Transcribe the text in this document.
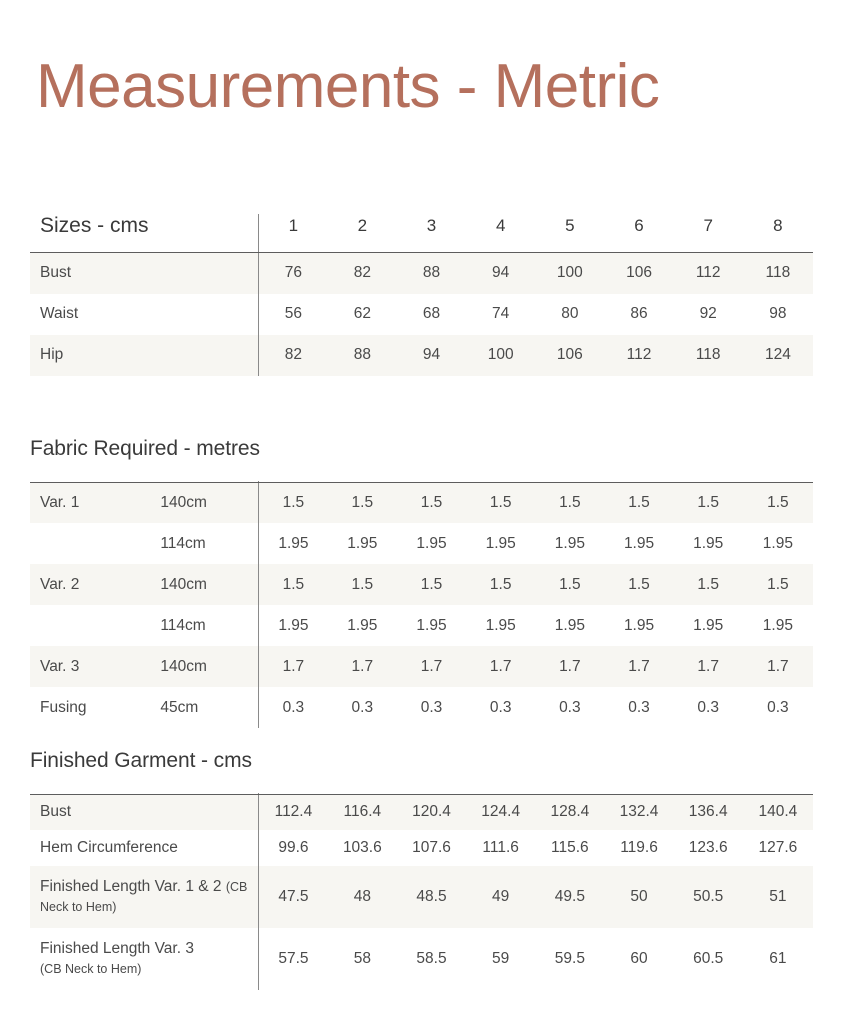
Measurements - Metric
Sizes - cms	1	2	3	4	5	6	7	8
Bust	76	82	88	94	100	106	112	118
Waist	56	62	68	74	80	86	92	98
Hip	82	88	94	100	106	112	118	124
Fabric Required - metres

Var. 1	140cm	1.5	1.5	1.5	1.5	1.5	1.5	1.5	1.5
	114cm	1.95	1.95	1.95	1.95	1.95	1.95	1.95	1.95
Var. 2	140cm	1.5	1.5	1.5	1.5	1.5	1.5	1.5	1.5
	114cm	1.95	1.95	1.95	1.95	1.95	1.95	1.95	1.95
Var. 3	140cm	1.7	1.7	1.7	1.7	1.7	1.7	1.7	1.7
Fusing	45cm	0.3	0.3	0.3	0.3	0.3	0.3	0.3	0.3
Finished Garment - cms

Bust	112.4	116.4	120.4	124.4	128.4	132.4	136.4	140.4

Hem Circumference	99.6	103.6	107.6	111.6	115.6	119.6	123.6	127.6

Finished Length Var. 1 & 2 (CB Neck to Hem)	47.5	48	48.5	49	49.5	50	50.5	51

Finished Length Var. 3
(CB Neck to Hem)	57.5	58	58.5	59	59.5	60	60.5	61
